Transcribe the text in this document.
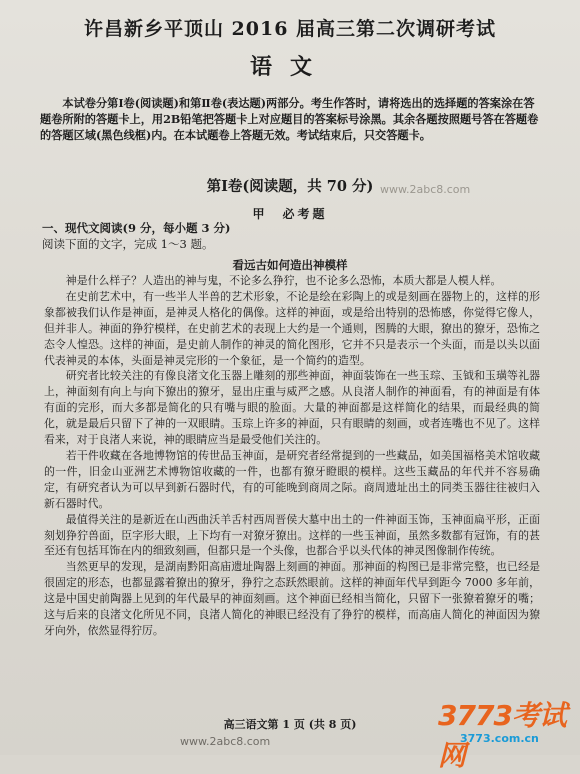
许昌新乡平顶山 2016 届高三第二次调研考试
语文
本试卷分第Ⅰ卷(阅读题)和第Ⅱ卷(表达题)两部分。考生作答时，请将选出的选择题的答案涂在答题卷所附的答题卡上，用2B铅笔把答题卡上对应题目的答案标号涂黑。其余各题按照题号答在答题卷的答题区域(黑色线框)内。在本试题卷上答题无效。考试结束后，只交答题卡。
第Ⅰ卷(阅读题，共 70 分) www.2abc8.com
甲　必考题
一、现代文阅读(9 分，每小题 3 分)
阅读下面的文字，完成 1～3 题。
看远古如何造出神模样

神是什么样子？人造出的神与鬼，不论多么狰狞，也不论多么恐怖，本质大都是人模人样。

在史前艺术中，有一些半人半兽的艺术形象，不论是绘在彩陶上的或是刻画在器物上的，这样的形象都被我们认作是神面，是神灵人格化的偶像。这样的神面，或是给出特别的恐怖感，你觉得它像人，但并非人。神面的狰狞模样，在史前艺术的表现上大约是一个通则，图腾的大眼，獠出的獠牙，恐怖之态令人惶恐。这样的神面，是史前人制作的神灵的简化图形，它并不只是表示一个头面，而是以头以面代表神灵的本体，头面是神灵完形的一个象征，是一个简约的造型。

研究者比较关注的有像良渚文化玉器上雕刻的那些神面，神面装饰在一些玉琮、玉钺和玉璜等礼器上，神面刻有向上与向下獠出的獠牙，显出庄重与威严之感。从良渚人制作的神面看，有的神面是有体有面的完形，而大多都是简化的只有嘴与眼的脸面。大量的神面都是这样简化的结果，而最经典的简化，就是最后只留下了神的一双眼睛。玉琮上许多的神面，只有眼睛的刻画，或者连嘴也不见了。这样看来，对于良渚人来说，神的眼睛应当是最受他们关注的。

若干件收藏在各地博物馆的传世品玉神面，是研究者经常提到的一些藏品，如美国福格美术馆收藏的一件，旧金山亚洲艺术博物馆收藏的一件，也都有獠牙瞪眼的模样。这些玉藏品的年代并不容易确定，有研究者认为可以早到新石器时代，有的可能晚到商周之际。商周遗址出土的同类玉器往往被归入新石器时代。

最值得关注的是新近在山西曲沃羊舌村西周晋侯大墓中出土的一件神面玉饰，玉神面扁平形，正面刻划狰狞兽面，臣字形大眼，上下均有一对獠牙獠出。这样的一些玉神面，虽然多数都有冠饰，有的甚至还有包括耳饰在内的细致刻画，但都只是一个头像，也都合乎以头代体的神灵图像制作传统。

当然更早的发现，是湖南黔阳高庙遗址陶器上刻画的神面。那神面的构图已是非常完整，也已经是很固定的形态，也都显露着獠出的獠牙，狰狞之态跃然眼前。这样的神面年代早到距今 7000 多年前，这是中国史前陶器上见到的年代最早的神面刻画。这个神面已经相当简化，只留下一张獠着獠牙的嘴；这与后来的良渚文化所见不同，良渚人简化的神眼已经没有了狰狞的模样，而高庙人简化的神面因为獠牙向外，依然显得狞厉。

高三语文第 1 页 (共 8 页)
www.2abc8.com
3773考试网
3773.com.cn
